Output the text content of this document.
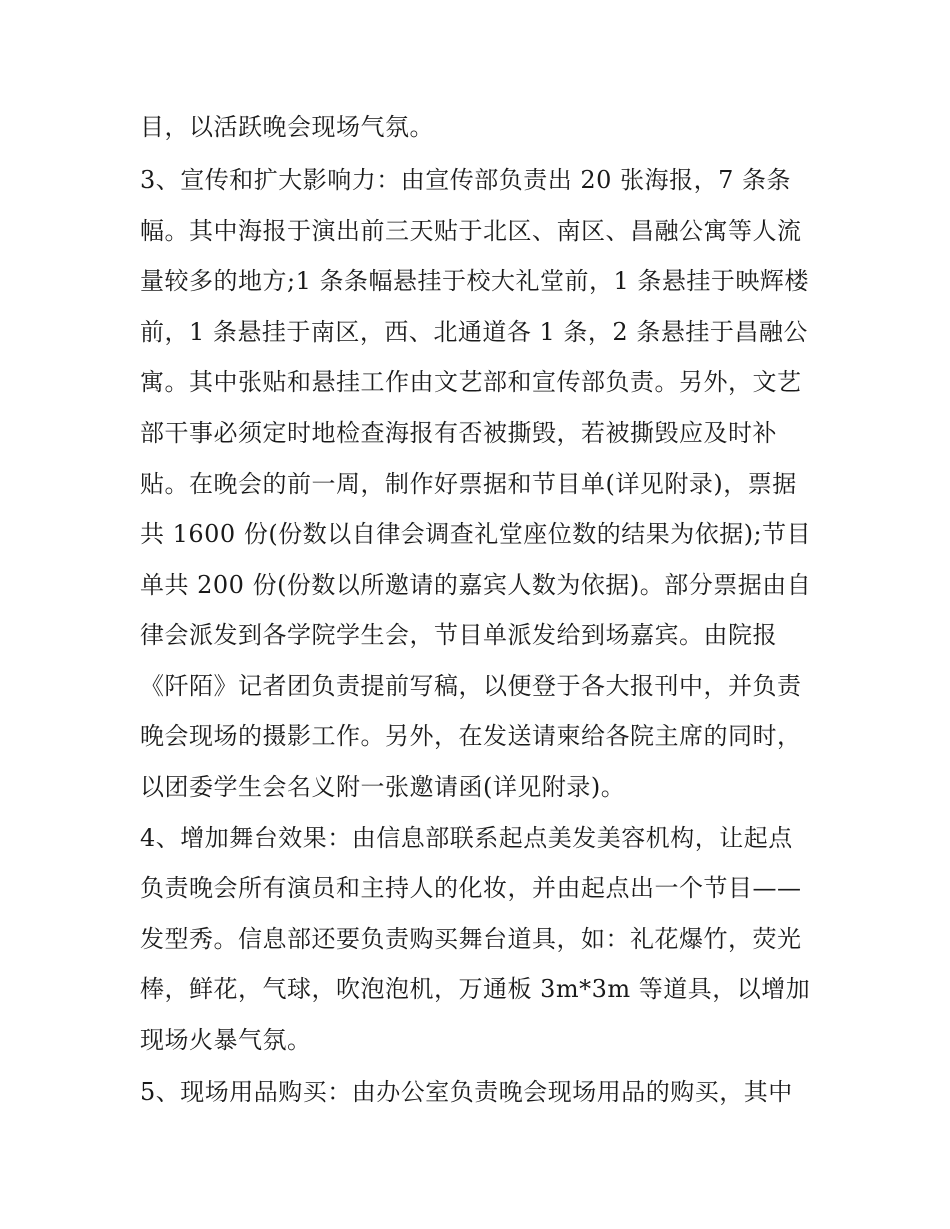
目，以活跃晚会现场气氛。
3、宣传和扩大影响力：由宣传部负责出 20 张海报，7 条条
幅。其中海报于演出前三天贴于北区、南区、昌融公寓等人流
量较多的地方;1 条条幅悬挂于校大礼堂前，1 条悬挂于映辉楼
前，1 条悬挂于南区，西、北通道各 1 条，2 条悬挂于昌融公
寓。其中张贴和悬挂工作由文艺部和宣传部负责。另外，文艺
部干事必须定时地检查海报有否被撕毁，若被撕毁应及时补
贴。在晚会的前一周，制作好票据和节目单(详见附录)，票据
共 1600 份(份数以自律会调查礼堂座位数的结果为依据);节目
单共 200 份(份数以所邀请的嘉宾人数为依据)。部分票据由自
律会派发到各学院学生会，节目单派发给到场嘉宾。由院报
《阡陌》记者团负责提前写稿，以便登于各大报刊中，并负责
晚会现场的摄影工作。另外，在发送请柬给各院主席的同时，
以团委学生会名义附一张邀请函(详见附录)。
4、增加舞台效果：由信息部联系起点美发美容机构，让起点
负责晚会所有演员和主持人的化妆，并由起点出一个节目——
发型秀。信息部还要负责购买舞台道具，如：礼花爆竹，荧光
棒，鲜花，气球，吹泡泡机，万通板 3m*3m 等道具，以增加
现场火暴气氛。
5、现场用品购买：由办公室负责晚会现场用品的购买，其中
